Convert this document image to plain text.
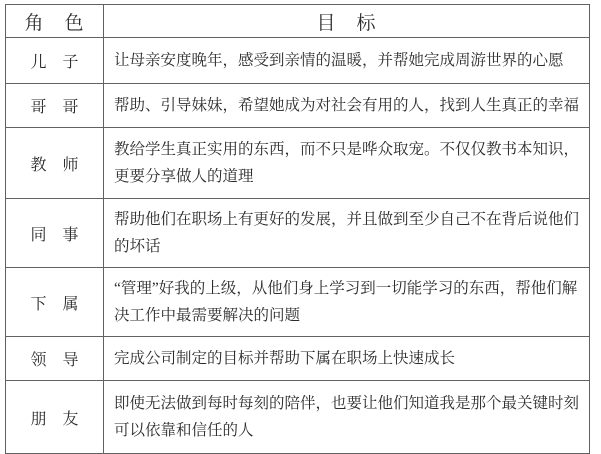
角　色	目　标
儿　子	让母亲安度晚年，感受到亲情的温暖，并帮她完成周游世界的心愿
哥　哥	帮助、引导妹妹，希望她成为对社会有用的人，找到人生真正的幸福
教　师	教给学生真正实用的东西，而不只是哗众取宠。不仅仅教书本知识，更要分享做人的道理
同　事	帮助他们在职场上有更好的发展，并且做到至少自己不在背后说他们的坏话
下　属	“管理”好我的上级，从他们身上学习到一切能学习的东西，帮他们解决工作中最需要解决的问题
领　导	完成公司制定的目标并帮助下属在职场上快速成长
朋　友	即使无法做到每时每刻的陪伴，也要让他们知道我是那个最关键时刻可以依靠和信任的人
